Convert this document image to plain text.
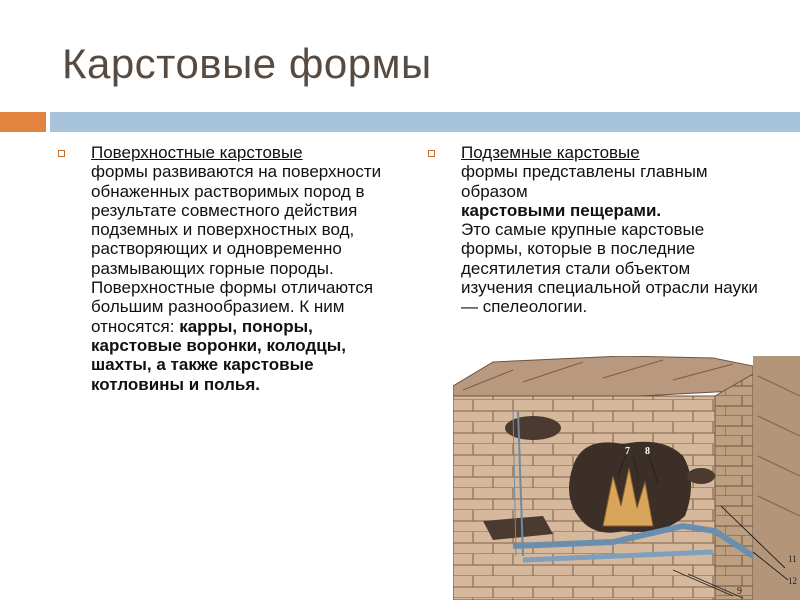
Карстовые формы

Поверхностные карстовые
формы развиваются на поверхности обнаженных растворимых пород в результате совместного действия подземных и поверхностных вод, растворяющих и одновременно размывающих горные породы. Поверхностные формы отличаются большим разнообразием. К ним относятся: карры, поноры, карстовые воронки, колодцы, шахты, а также карстовые котловины и полья.

Подземные карстовые
формы представлены главным образом
карстовыми пещерами.
Это самые крупные карстовые формы, которые в последние десятилетия стали объектом изучения специальной отрасли науки — спелеологии.

7 8
9
11
12
